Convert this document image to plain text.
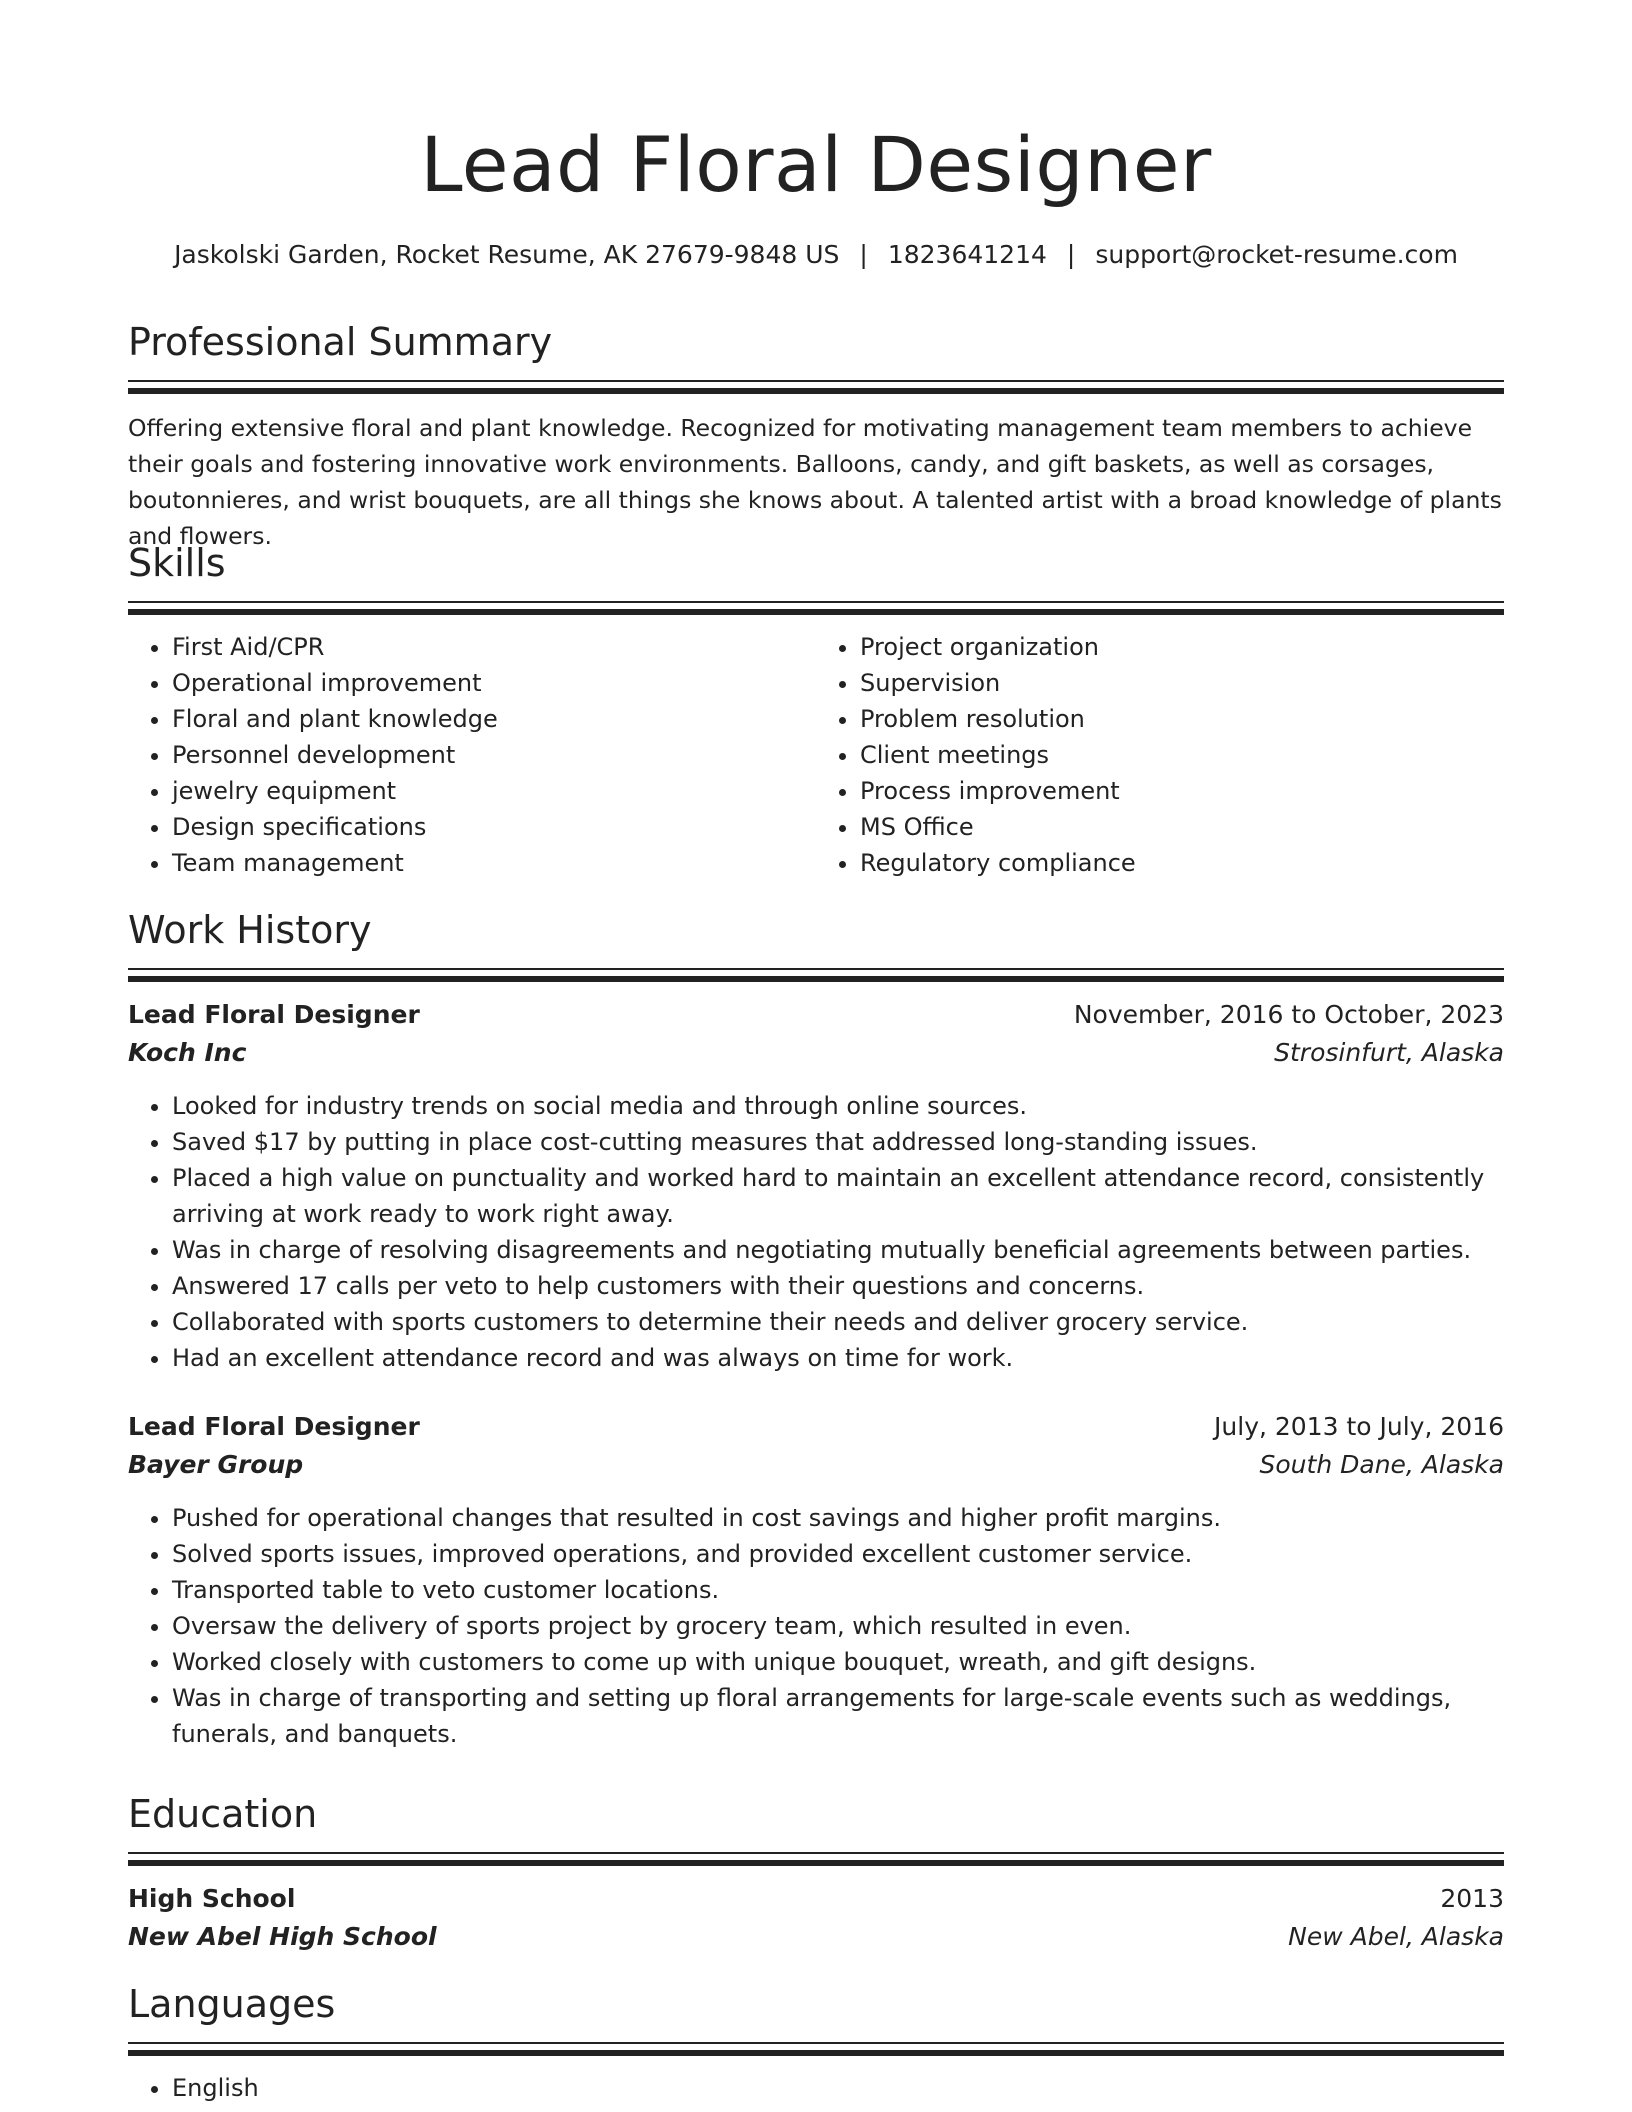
Lead Floral Designer
Jaskolski Garden, Rocket Resume, AK 27679-9848 US | 1823641214 | support@rocket-resume.com
Professional Summary

Offering extensive floral and plant knowledge. Recognized for motivating management team members to achieve their goals and fostering innovative work environments. Balloons, candy, and gift baskets, as well as corsages, boutonnieres, and wrist bouquets, are all things she knows about. A talented artist with a broad knowledge of plants and flowers.

Skills
• First Aid/CPR
• Operational improvement
• Floral and plant knowledge
• Personnel development
• jewelry equipment
• Design specifications
• Team management
• Project organization
• Supervision
• Problem resolution
• Client meetings
• Process improvement
• MS Office
• Regulatory compliance
Work History
Lead Floral Designer	November, 2016 to October, 2023
Koch Inc	Strosinfurt, Alaska
• Looked for industry trends on social media and through online sources.
• Saved $17 by putting in place cost-cutting measures that addressed long-standing issues.
• Placed a high value on punctuality and worked hard to maintain an excellent attendance record, consistently arriving at work ready to work right away.
• Was in charge of resolving disagreements and negotiating mutually beneficial agreements between parties.
• Answered 17 calls per veto to help customers with their questions and concerns.
• Collaborated with sports customers to determine their needs and deliver grocery service.
• Had an excellent attendance record and was always on time for work.
Lead Floral Designer	July, 2013 to July, 2016
Bayer Group	South Dane, Alaska
• Pushed for operational changes that resulted in cost savings and higher profit margins.
• Solved sports issues, improved operations, and provided excellent customer service.
• Transported table to veto customer locations.
• Oversaw the delivery of sports project by grocery team, which resulted in even.
• Worked closely with customers to come up with unique bouquet, wreath, and gift designs.
• Was in charge of transporting and setting up floral arrangements for large-scale events such as weddings, funerals, and banquets.
Education
High School	2013
New Abel High School	New Abel, Alaska
Languages
• English
